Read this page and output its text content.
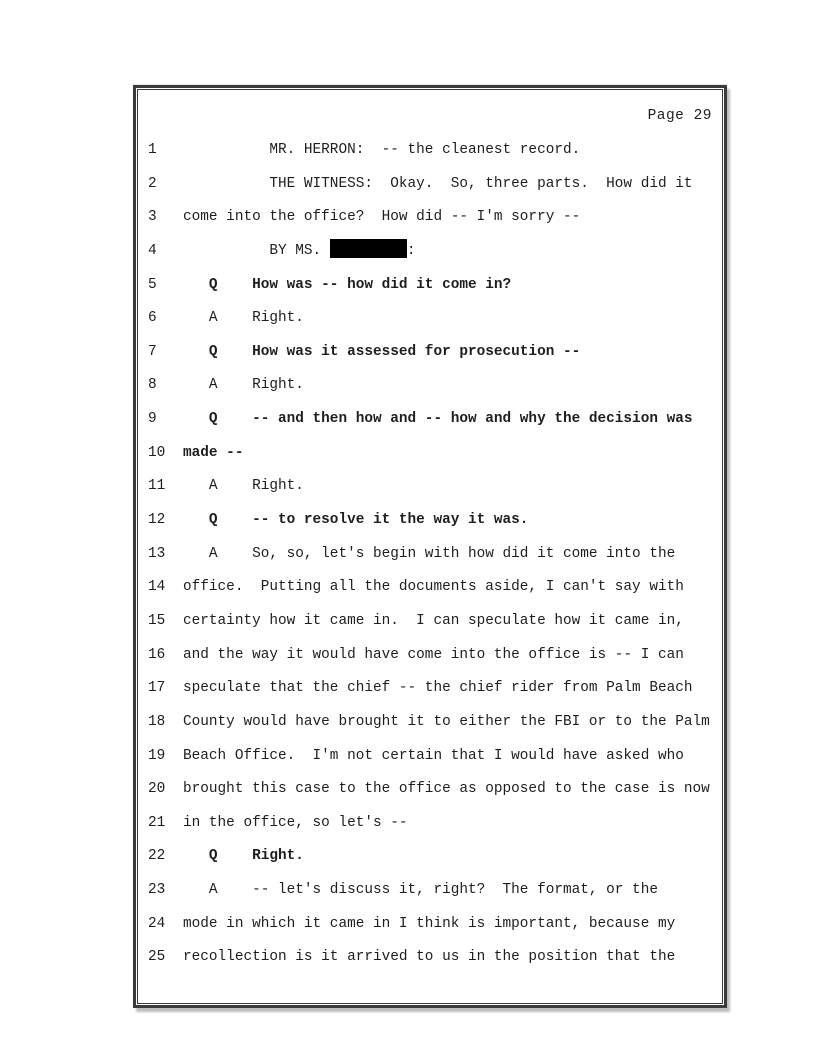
Page 29
1	MR. HERRON:  -- the cleanest record.
2	THE WITNESS:  Okay.  So, three parts.  How did it
3	come into the office?  How did -- I'm sorry --
4	BY MS.	:
5	Q    How was -- how did it come in?
6	A    Right.
7	Q    How was it assessed for prosecution --
8	A    Right.
9	Q    -- and then how and -- how and why the decision was
10	made --
11	A    Right.
12	Q    -- to resolve it the way it was.
13	A    So, so, let's begin with how did it come into the
14	office.  Putting all the documents aside, I can't say with
15	certainty how it came in.  I can speculate how it came in,
16	and the way it would have come into the office is -- I can
17	speculate that the chief -- the chief rider from Palm Beach
18	County would have brought it to either the FBI or to the Palm
19	Beach Office.  I'm not certain that I would have asked who
20	brought this case to the office as opposed to the case is now
21	in the office, so let's --
22	Q    Right.
23	A    -- let's discuss it, right?  The format, or the
24	mode in which it came in I think is important, because my
25	recollection is it arrived to us in the position that the
